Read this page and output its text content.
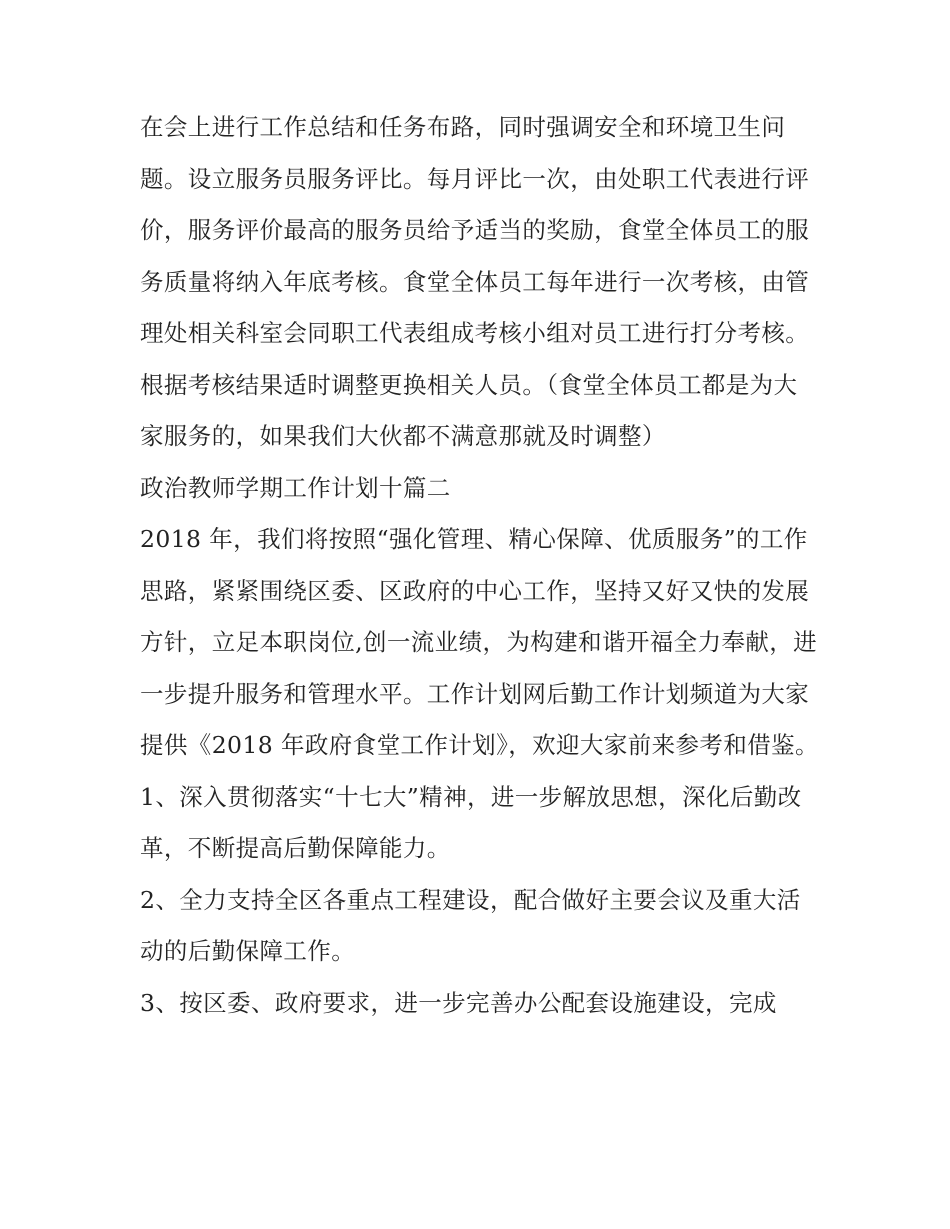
在会上进行工作总结和任务布路，同时强调安全和环境卫生问题。设立服务员服务评比。每月评比一次，由处职工代表进行评价，服务评价最高的服务员给予适当的奖励，食堂全体员工的服务质量将纳入年底考核。食堂全体员工每年进行一次考核，由管理处相关科室会同职工代表组成考核小组对员工进行打分考核。根据考核结果适时调整更换相关人员。（食堂全体员工都是为大家服务的，如果我们大伙都不满意那就及时调整）

政治教师学期工作计划十篇二

2018 年，我们将按照“强化管理、精心保障、优质服务”的工作思路，紧紧围绕区委、区政府的中心工作，坚持又好又快的发展方针，立足本职岗位,创一流业绩，为构建和谐开福全力奉献，进一步提升服务和管理水平。工作计划网后勤工作计划频道为大家提供《2018 年政府食堂工作计划》，欢迎大家前来参考和借鉴。

1、深入贯彻落实“十七大”精神，进一步解放思想，深化后勤改革，不断提高后勤保障能力。

2、全力支持全区各重点工程建设，配合做好主要会议及重大活动的后勤保障工作。

3、按区委、政府要求，进一步完善办公配套设施建设，完成
